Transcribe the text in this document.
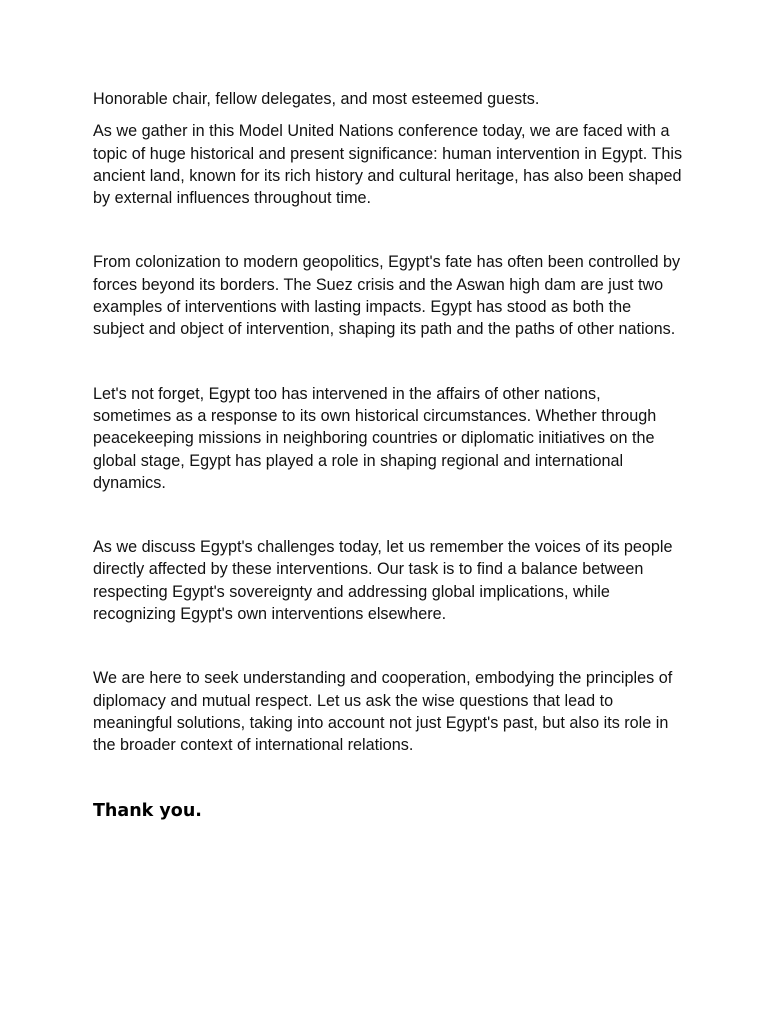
Honorable chair, fellow delegates, and most esteemed guests.

As we gather in this Model United Nations conference today, we are faced with a topic of huge historical and present significance: human intervention in Egypt. This ancient land, known for its rich history and cultural heritage, has also been shaped by external influences throughout time.

From colonization to modern geopolitics, Egypt's fate has often been controlled by forces beyond its borders. The Suez crisis and the Aswan high dam are just two examples of interventions with lasting impacts. Egypt has stood as both the subject and object of intervention, shaping its path and the paths of other nations.

Let's not forget, Egypt too has intervened in the affairs of other nations, sometimes as a response to its own historical circumstances. Whether through peacekeeping missions in neighboring countries or diplomatic initiatives on the global stage, Egypt has played a role in shaping regional and international dynamics.

As we discuss Egypt's challenges today, let us remember the voices of its people directly affected by these interventions. Our task is to find a balance between respecting Egypt's sovereignty and addressing global implications, while recognizing Egypt's own interventions elsewhere.

We are here to seek understanding and cooperation, embodying the principles of diplomacy and mutual respect. Let us ask the wise questions that lead to meaningful solutions, taking into account not just Egypt's past, but also its role in the broader context of international relations.

Thank you.
